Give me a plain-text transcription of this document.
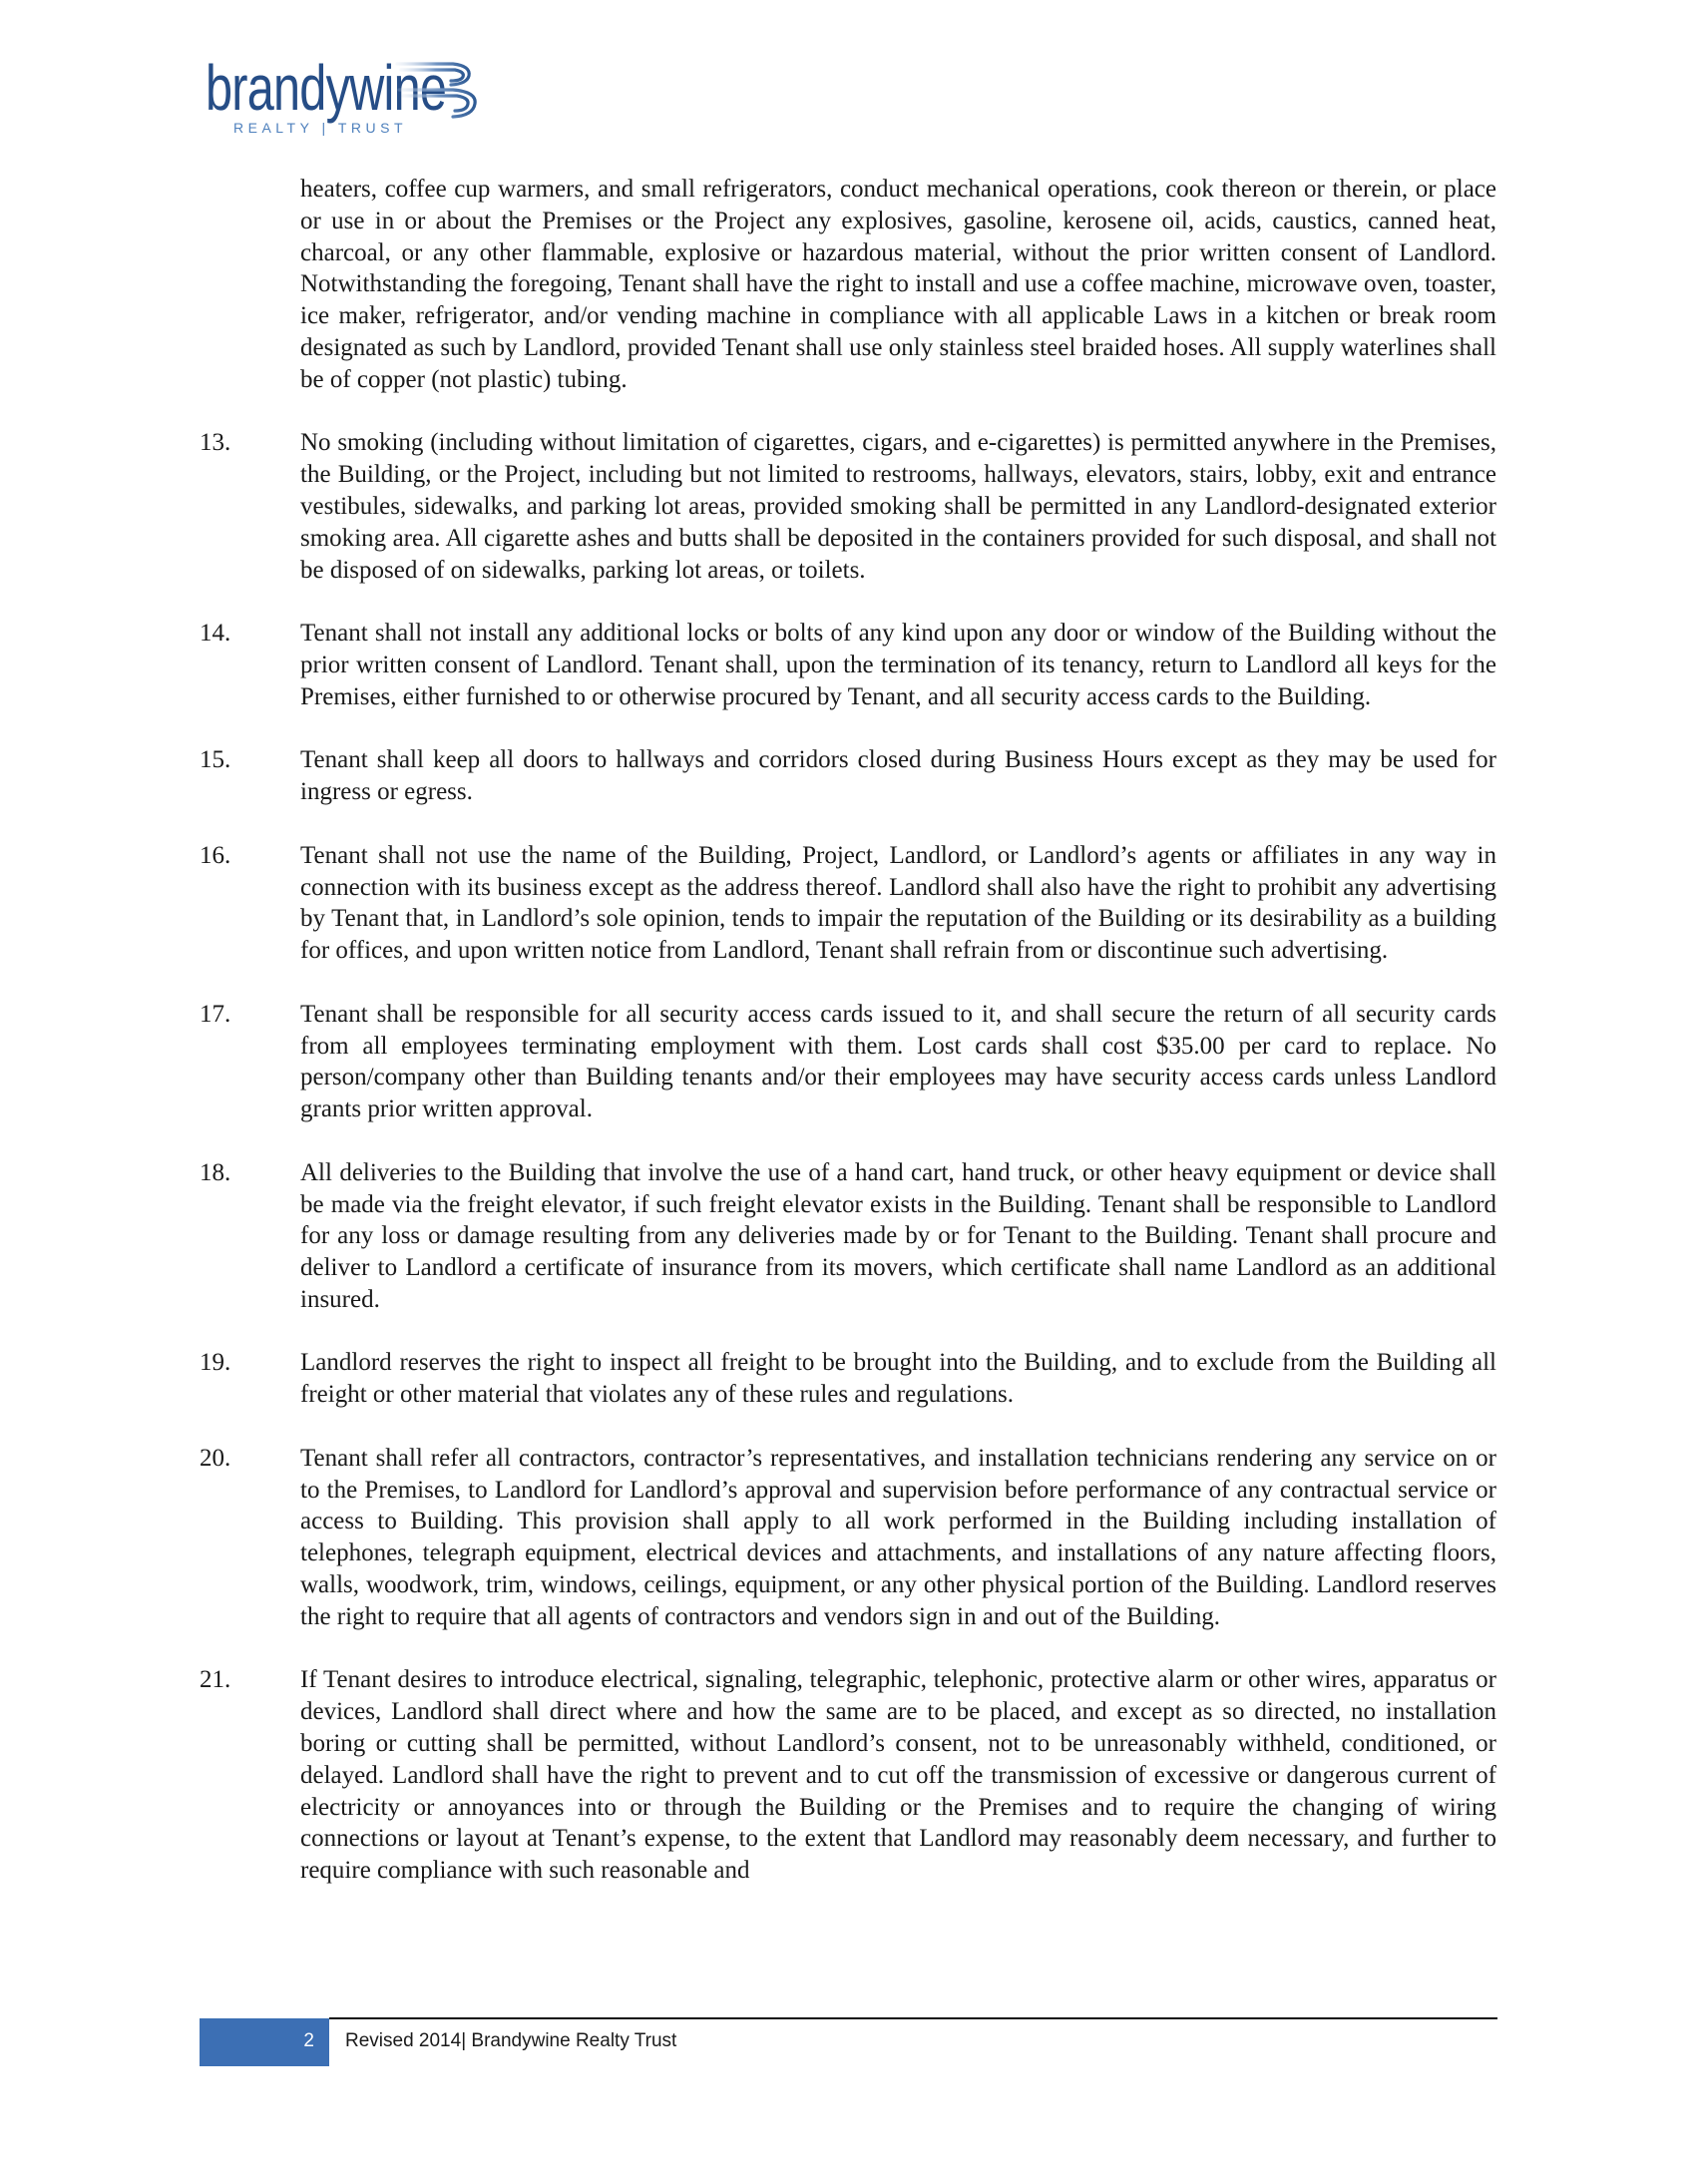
brandywine
REALTY | TRUST
heaters, coffee cup warmers, and small refrigerators, conduct mechanical operations, cook thereon or therein, or place or use in or about the Premises or the Project any explosives, gasoline, kerosene oil, acids, caustics, canned heat, charcoal, or any other flammable, explosive or hazardous material, without the prior written consent of Landlord. Notwithstanding the foregoing, Tenant shall have the right to install and use a coffee machine, microwave oven, toaster, ice maker, refrigerator, and/or vending machine in compliance with all applicable Laws in a kitchen or break room designated as such by Landlord, provided Tenant shall use only stainless steel braided hoses. All supply waterlines shall be of copper (not plastic) tubing.
13.	No smoking (including without limitation of cigarettes, cigars, and e-cigarettes) is permitted anywhere in the Premises, the Building, or the Project, including but not limited to restrooms, hallways, elevators, stairs, lobby, exit and entrance vestibules, sidewalks, and parking lot areas, provided smoking shall be permitted in any Landlord-designated exterior smoking area. All cigarette ashes and butts shall be deposited in the containers provided for such disposal, and shall not be disposed of on sidewalks, parking lot areas, or toilets.
14.	Tenant shall not install any additional locks or bolts of any kind upon any door or window of the Building without the prior written consent of Landlord. Tenant shall, upon the termination of its tenancy, return to Landlord all keys for the Premises, either furnished to or otherwise procured by Tenant, and all security access cards to the Building.
15.	Tenant shall keep all doors to hallways and corridors closed during Business Hours except as they may be used for ingress or egress.
16.	Tenant shall not use the name of the Building, Project, Landlord, or Landlord’s agents or affiliates in any way in connection with its business except as the address thereof. Landlord shall also have the right to prohibit any advertising by Tenant that, in Landlord’s sole opinion, tends to impair the reputation of the Building or its desirability as a building for offices, and upon written notice from Landlord, Tenant shall refrain from or discontinue such advertising.
17.	Tenant shall be responsible for all security access cards issued to it, and shall secure the return of all security cards from all employees terminating employment with them. Lost cards shall cost $35.00 per card to replace. No person/company other than Building tenants and/or their employees may have security access cards unless Landlord grants prior written approval.
18.	All deliveries to the Building that involve the use of a hand cart, hand truck, or other heavy equipment or device shall be made via the freight elevator, if such freight elevator exists in the Building. Tenant shall be responsible to Landlord for any loss or damage resulting from any deliveries made by or for Tenant to the Building. Tenant shall procure and deliver to Landlord a certificate of insurance from its movers, which certificate shall name Landlord as an additional insured.
19.	Landlord reserves the right to inspect all freight to be brought into the Building, and to exclude from the Building all freight or other material that violates any of these rules and regulations.
20.	Tenant shall refer all contractors, contractor’s representatives, and installation technicians rendering any service on or to the Premises, to Landlord for Landlord’s approval and supervision before performance of any contractual service or access to Building. This provision shall apply to all work performed in the Building including installation of telephones, telegraph equipment, electrical devices and attachments, and installations of any nature affecting floors, walls, woodwork, trim, windows, ceilings, equipment, or any other physical portion of the Building. Landlord reserves the right to require that all agents of contractors and vendors sign in and out of the Building.
21.	If Tenant desires to introduce electrical, signaling, telegraphic, telephonic, protective alarm or other wires, apparatus or devices, Landlord shall direct where and how the same are to be placed, and except as so directed, no installation boring or cutting shall be permitted, without Landlord’s consent, not to be unreasonably withheld, conditioned, or delayed. Landlord shall have the right to prevent and to cut off the transmission of excessive or dangerous current of electricity or annoyances into or through the Building or the Premises and to require the changing of wiring connections or layout at Tenant’s expense, to the extent that Landlord may reasonably deem necessary, and further to require compliance with such reasonable and
2 Revised 2014| Brandywine Realty Trust
